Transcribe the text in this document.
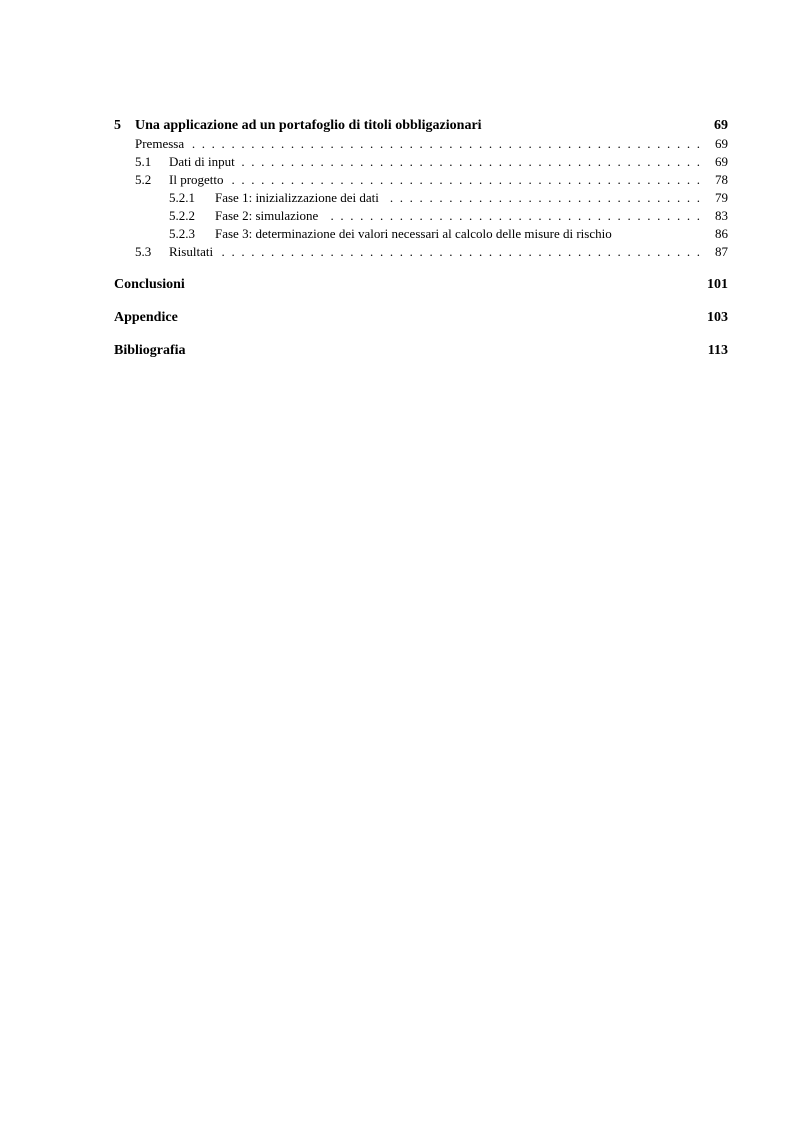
5	Una applicazione ad un portafoglio di titoli obbligazionari	69
Premessa . . .	69
5.1	Dati di input . . .	69
5.2	Il progetto . . .	78
5.2.1	Fase 1: inizializzazione dei dati . . .	79
5.2.2	Fase 2: simulazione . . .	83
5.2.3	Fase 3: determinazione dei valori necessari al calcolo delle misure di rischio	86
5.3	Risultati . . .	87
Conclusioni	101
Appendice	103
Bibliografia	113
